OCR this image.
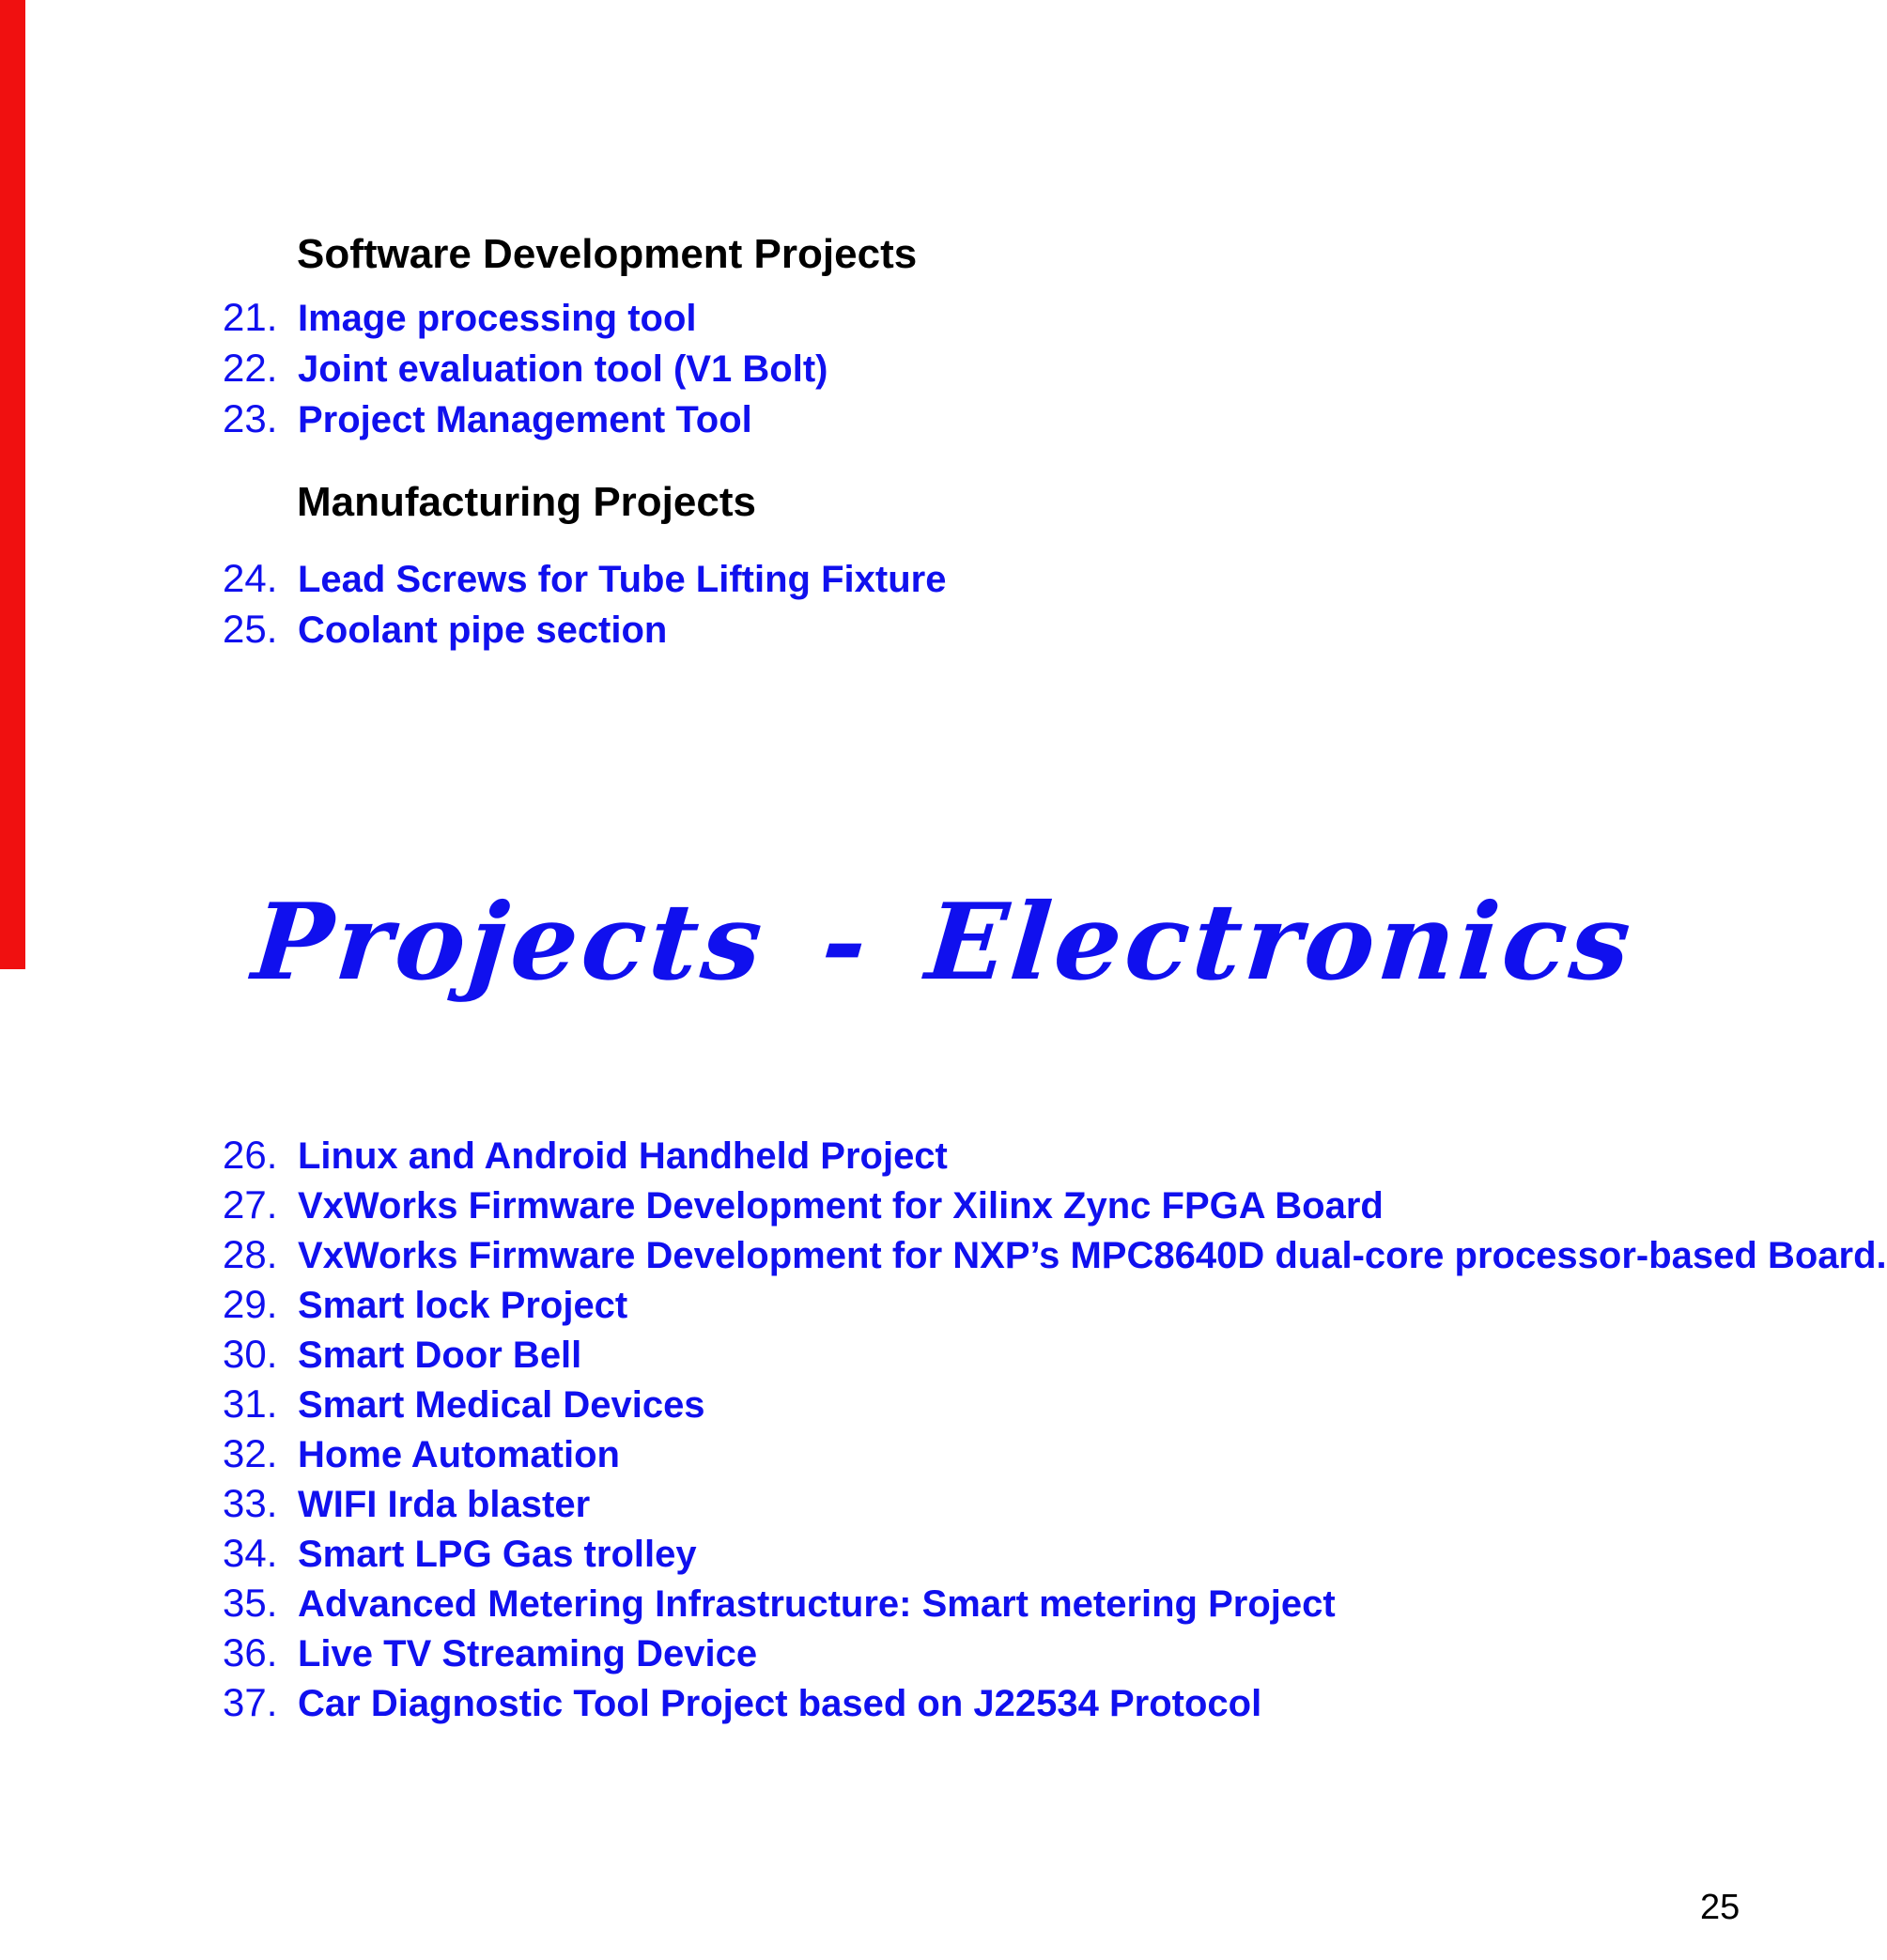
Software Development Projects
21. Image processing tool
22. Joint evaluation tool (V1 Bolt)
23. Project Management Tool
Manufacturing Projects
24. Lead Screws for Tube Lifting Fixture
25. Coolant pipe section
Projects - Electronics
26. Linux and Android Handheld Project
27. VxWorks Firmware Development for Xilinx Zync FPGA Board
28. VxWorks Firmware Development for NXP’s MPC8640D dual-core processor-based Board.
29. Smart lock Project
30. Smart Door Bell
31. Smart Medical Devices
32. Home Automation
33. WIFI Irda blaster
34. Smart LPG Gas trolley
35. Advanced Metering Infrastructure: Smart metering Project
36. Live TV Streaming Device
37. Car Diagnostic Tool Project based on J22534 Protocol
25
